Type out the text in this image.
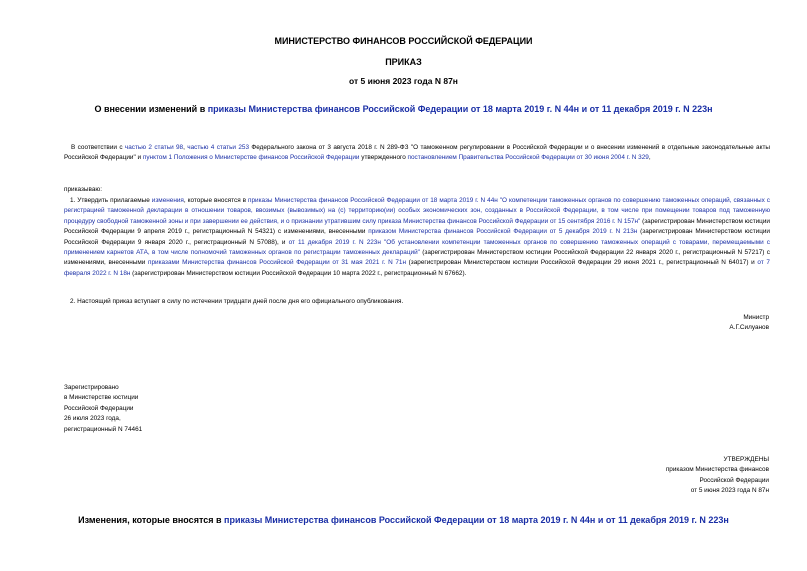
МИНИСТЕРСТВО ФИНАНСОВ РОССИЙСКОЙ ФЕДЕРАЦИИ
ПРИКАЗ
от 5 июня 2023 года N 87н
О внесении изменений в приказы Министерства финансов Российской Федерации от 18 марта 2019 г. N 44н и от 11 декабря 2019 г. N 223н
В соответствии с частью 2 статьи 98, частью 4 статьи 253 Федерального закона от 3 августа 2018 г. N 289-ФЗ "О таможенном регулировании в Российской Федерации и о внесении изменений в отдельные законодательные акты Российской Федерации" и пунктом 1 Положения о Министерстве финансов Российской Федерации утвержденного постановлением Правительства Российской Федерации от 30 июня 2004 г. N 329,
приказываю:
1. Утвердить прилагаемые изменения, которые вносятся в приказы Министерства финансов Российской Федерации от 18 марта 2019 г. N 44н "О компетенции таможенных органов по совершению таможенных операций, связанных с регистрацией таможенной декларации в отношении товаров, ввозимых (вывозимых) на (с) территорию(ии) особых экономических зон, созданных в Российской Федерации, в том числе при помещении товаров под таможенную процедуру свободной таможенной зоны и при завершении ее действия, и о признании утратившим силу приказа Министерства финансов Российской Федерации от 15 сентября 2016 г. N 157н" (зарегистрирован Министерством юстиции Российской Федерации 9 апреля 2019 г., регистрационный N 54321) с изменениями, внесенными приказом Министерства финансов Российской Федерации от 5 декабря 2019 г. N 213н (зарегистрирован Министерством юстиции Российской Федерации 9 января 2020 г., регистрационный N 57088), и от 11 декабря 2019 г. N 223н "Об установлении компетенции таможенных органов по совершению таможенных операций с товарами, перемещаемыми с применением карнетов АТА, в том числе полномочий таможенных органов по регистрации таможенных деклараций" (зарегистрирован Министерством юстиции Российской Федерации 22 января 2020 г., регистрационный N 57217) с изменениями, внесенными приказами Министерства финансов Российской Федерации от 31 мая 2021 г. N 71н (зарегистрирован Министерством юстиции Российской Федерации 29 июня 2021 г., регистрационный N 64017) и от 7 февраля 2022 г. N 18н (зарегистрирован Министерством юстиции Российской Федерации 10 марта 2022 г., регистрационный N 67662).
2. Настоящий приказ вступает в силу по истечении тридцати дней после дня его официального опубликования.
Министр
А.Г.Силуанов
Зарегистрировано
в Министерстве юстиции
Российской Федерации
26 июля 2023 года,
регистрационный N 74461
УТВЕРЖДЕНЫ
приказом Министерства финансов
Российской Федерации
от 5 июня 2023 года N 87н
Изменения, которые вносятся в приказы Министерства финансов Российской Федерации от 18 марта 2019 г. N 44н и от 11 декабря 2019 г. N 223н
